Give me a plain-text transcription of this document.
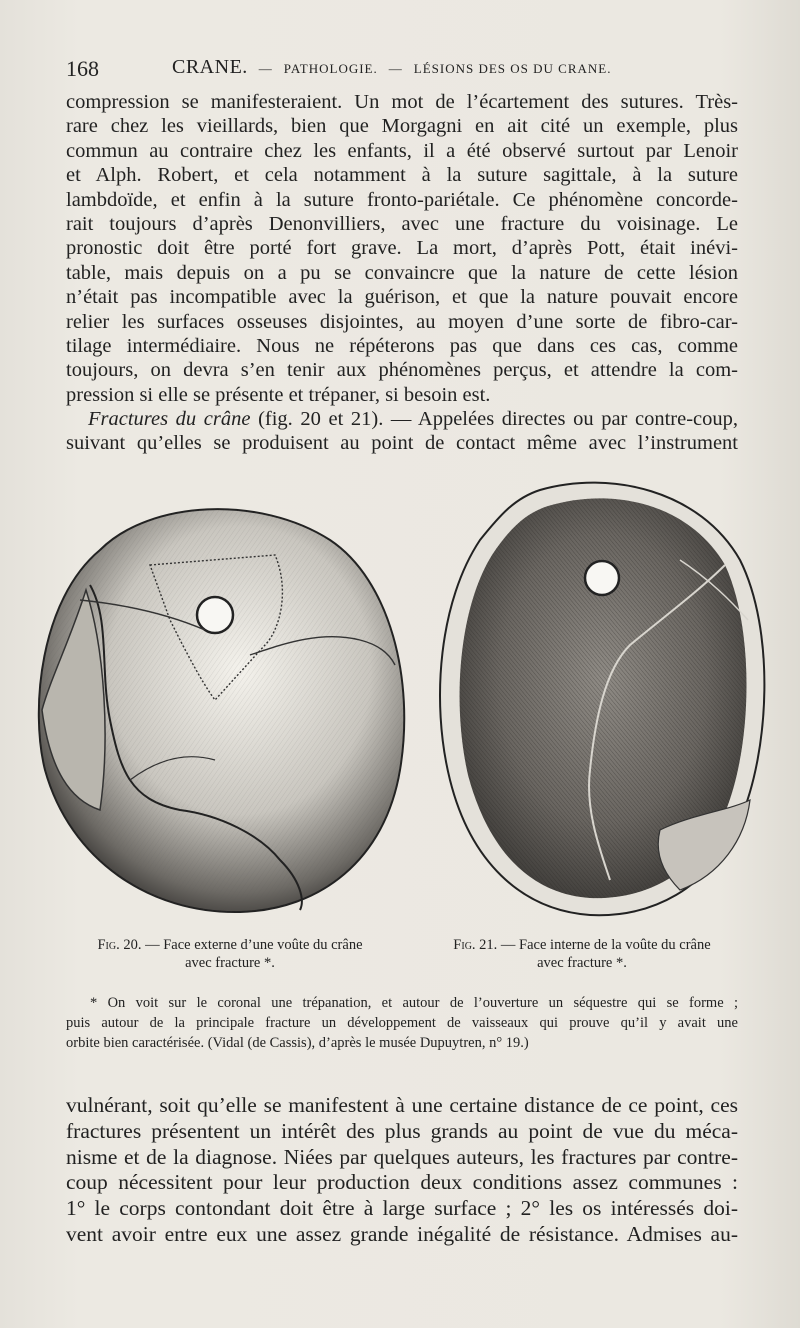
168	CRANE. — PATHOLOGIE. — LÉSIONS DES OS DU CRANE.
compression se manifesteraient. Un mot de l’écartement des sutures. Très-
rare chez les vieillards, bien que Morgagni en ait cité un exemple, plus
commun au contraire chez les enfants, il a été observé surtout par Lenoir
et Alph. Robert, et cela notamment à la suture sagittale, à la suture
lambdoïde, et enfin à la suture fronto-pariétale. Ce phénomène concorde-
rait toujours d’après Denonvilliers, avec une fracture du voisinage. Le
pronostic doit être porté fort grave. La mort, d’après Pott, était inévi-
table, mais depuis on a pu se convaincre que la nature de cette lésion
n’était pas incompatible avec la guérison, et que la nature pouvait encore
relier les surfaces osseuses disjointes, au moyen d’une sorte de fibro-car-
tilage intermédiaire. Nous ne répéterons pas que dans ces cas, comme
toujours, on devra s’en tenir aux phénomènes perçus, et attendre la com-
pression si elle se présente et trépaner, si besoin est.
Fractures du crâne (fig. 20 et 21). — Appelées directes ou par contre-coup,
suivant qu’elles se produisent au point de contact même avec l’instrument
Fig. 20. — Face externe d’une voûte du crâne
avec fracture *.
Fig. 21. — Face interne de la voûte du crâne
avec fracture *.
* On voit sur le coronal une trépanation, et autour de l’ouverture un séquestre qui se forme ;
puis autour de la principale fracture un développement de vaisseaux qui prouve qu’il y avait une
orbite bien caractérisée. (Vidal (de Cassis), d’après le musée Dupuytren, n° 19.)
vulnérant, soit qu’elle se manifestent à une certaine distance de ce point, ces
fractures présentent un intérêt des plus grands au point de vue du méca-
nisme et de la diagnose. Niées par quelques auteurs, les fractures par contre-
coup nécessitent pour leur production deux conditions assez communes :
1° le corps contondant doit être à large surface ; 2° les os intéressés doi-
vent avoir entre eux une assez grande inégalité de résistance. Admises au-
